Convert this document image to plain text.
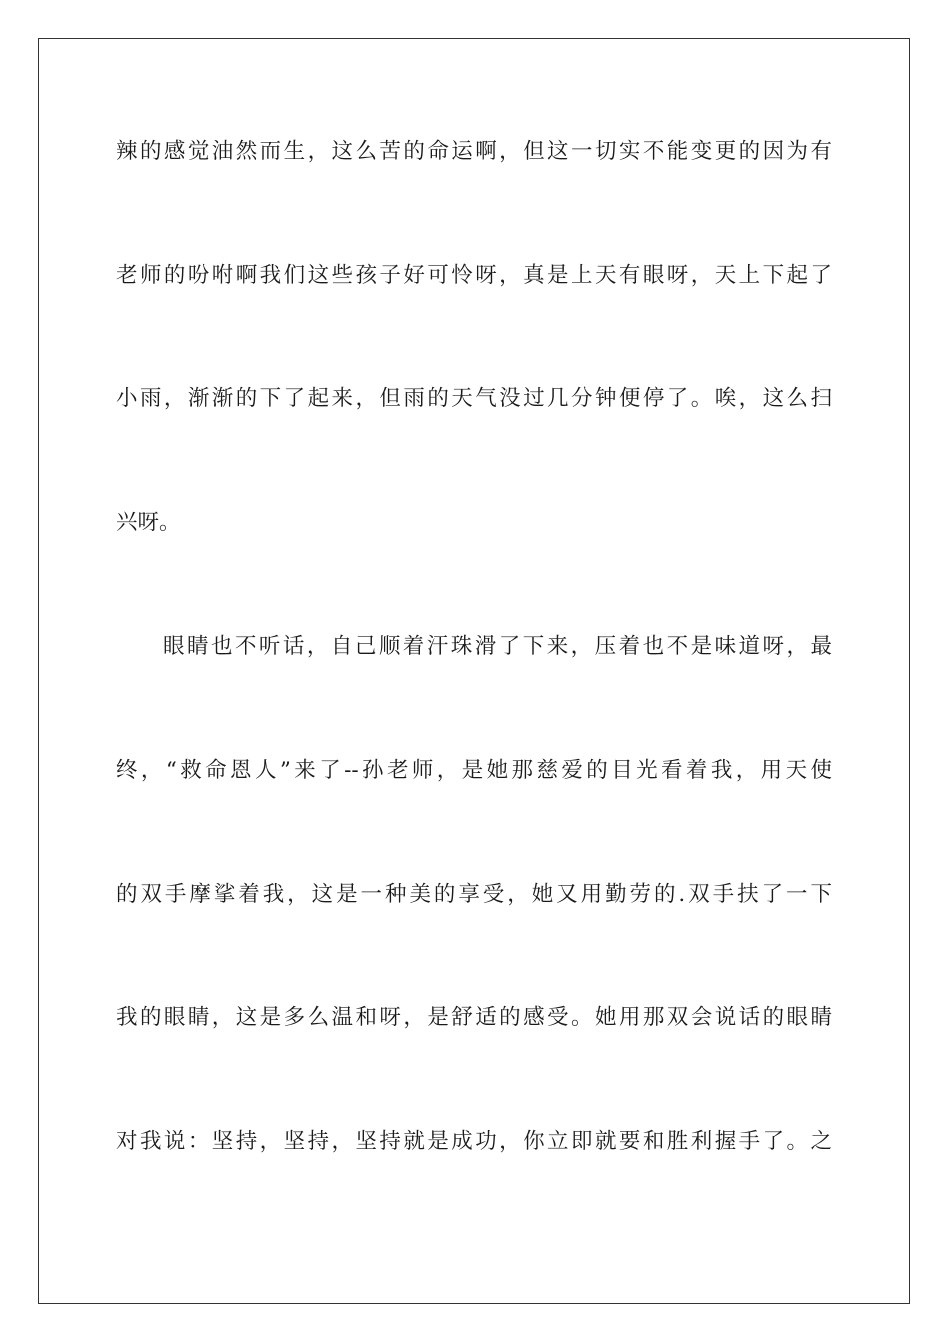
辣的感觉油然而生，这么苦的命运啊，但这一切实不能变更的因为有
老师的吩咐啊我们这些孩子好可怜呀，真是上天有眼呀，天上下起了
小雨，渐渐的下了起来，但雨的天气没过几分钟便停了。唉，这么扫
兴呀。
眼睛也不听话，自己顺着汗珠滑了下来，压着也不是味道呀，最
终，“救命恩人”来了--孙老师，是她那慈爱的目光看着我，用天使
的双手摩挲着我，这是一种美的享受，她又用勤劳的.双手扶了一下
我的眼睛，这是多么温和呀，是舒适的感受。她用那双会说话的眼睛
对我说：坚持，坚持，坚持就是成功，你立即就要和胜利握手了。之
